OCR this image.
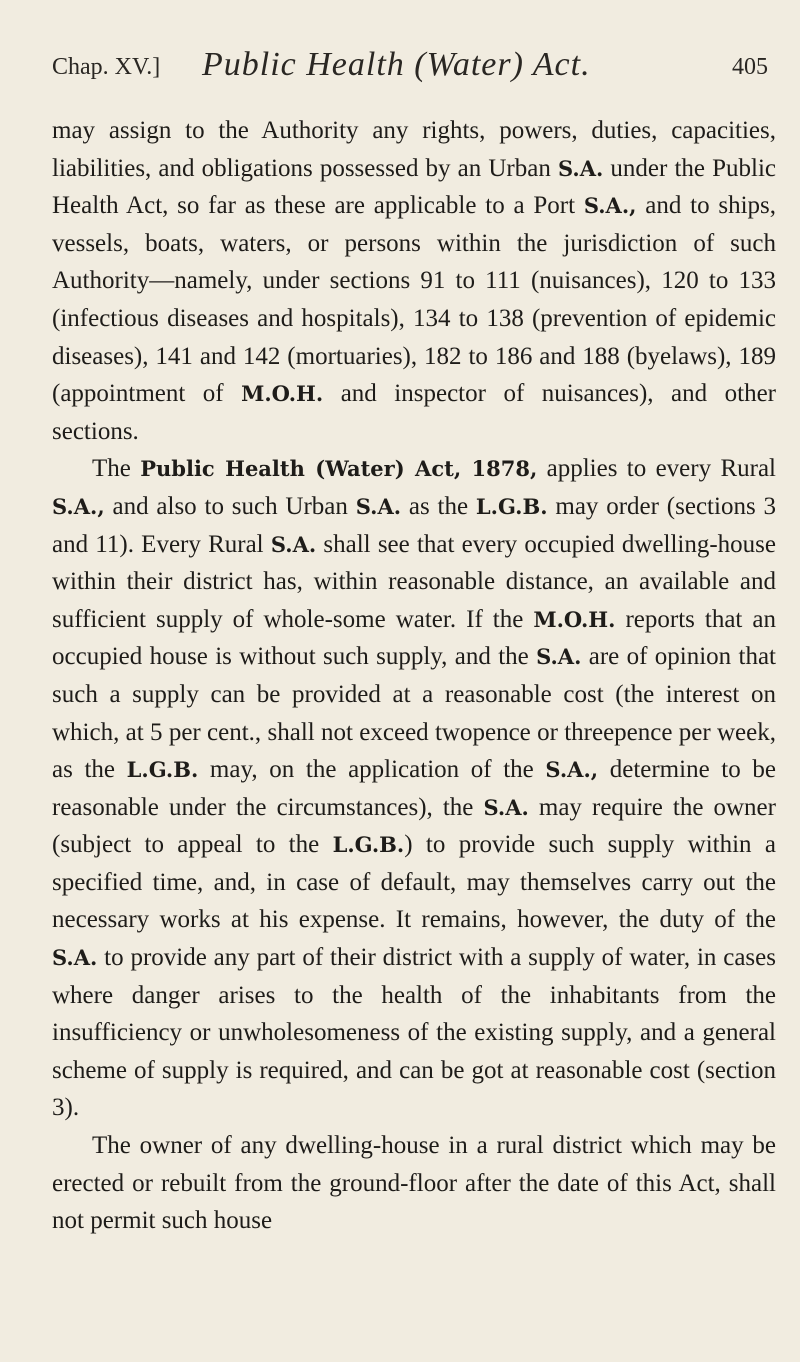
Chap. XV.] Public Health (Water) Act.	405

may assign to the Authority any rights, powers, duties, capacities, liabilities, and obligations possessed by an Urban S.A. under the Public Health Act, so far as these are applicable to a Port S.A., and to ships, vessels, boats, waters, or persons within the jurisdiction of such Authority—namely, under sections 91 to 111 (nuisances), 120 to 133 (infectious diseases and hospitals), 134 to 138 (prevention of epidemic diseases), 141 and 142 (mortuaries), 182 to 186 and 188 (byelaws), 189 (appointment of M.O.H. and inspector of nuisances), and other sections.

The Public Health (Water) Act, 1878, applies to every Rural S.A., and also to such Urban S.A. as the L.G.B. may order (sections 3 and 11). Every Rural S.A. shall see that every occupied dwelling-house within their district has, within reasonable distance, an available and sufficient supply of whole-some water. If the M.O.H. reports that an occupied house is without such supply, and the S.A. are of opinion that such a supply can be provided at a reasonable cost (the interest on which, at 5 per cent., shall not exceed twopence or threepence per week, as the L.G.B. may, on the application of the S.A., determine to be reasonable under the circumstances), the S.A. may require the owner (subject to appeal to the L.G.B.) to provide such supply within a specified time, and, in case of default, may themselves carry out the necessary works at his expense. It remains, however, the duty of the S.A. to provide any part of their district with a supply of water, in cases where danger arises to the health of the inhabitants from the insufficiency or unwholesomeness of the existing supply, and a general scheme of supply is required, and can be got at reasonable cost (section 3).

The owner of any dwelling-house in a rural district which may be erected or rebuilt from the ground-floor after the date of this Act, shall not permit such house
